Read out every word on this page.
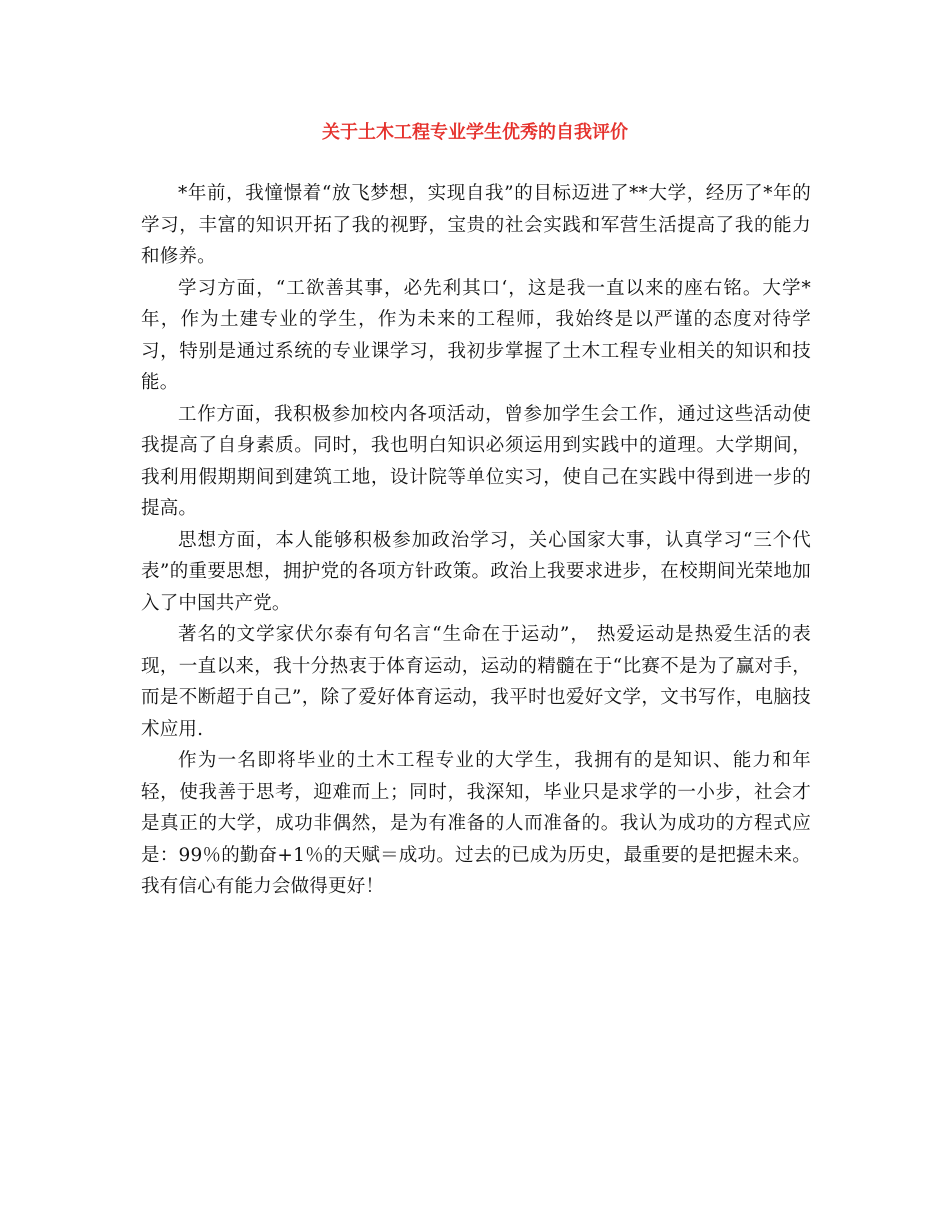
关于土木工程专业学生优秀的自我评价

*年前，我憧憬着“放飞梦想，实现自我”的目标迈进了**大学，经历了*年的学习，丰富的知识开拓了我的视野，宝贵的社会实践和军营生活提高了我的能力和修养。

学习方面，“工欲善其事，必先利其口‘，这是我一直以来的座右铭。大学*年，作为土建专业的学生，作为未来的工程师，我始终是以严谨的态度对待学习，特别是通过系统的专业课学习，我初步掌握了土木工程专业相关的知识和技能。

工作方面，我积极参加校内各项活动，曾参加学生会工作，通过这些活动使我提高了自身素质。同时，我也明白知识必须运用到实践中的道理。大学期间，我利用假期期间到建筑工地，设计院等单位实习，使自己在实践中得到进一步的提高。

思想方面，本人能够积极参加政治学习，关心国家大事，认真学习“三个代表”的重要思想，拥护党的各项方针政策。政治上我要求进步，在校期间光荣地加入了中国共产党。

著名的文学家伏尔泰有句名言“生命在于运动”， 热爱运动是热爱生活的表现，一直以来，我十分热衷于体育运动，运动的精髓在于“比赛不是为了赢对手，而是不断超于自己”，除了爱好体育运动，我平时也爱好文学，文书写作，电脑技术应用.

作为一名即将毕业的土木工程专业的大学生，我拥有的是知识、能力和年轻，使我善于思考，迎难而上；同时，我深知，毕业只是求学的一小步，社会才是真正的大学，成功非偶然，是为有准备的人而准备的。我认为成功的方程式应是：99％的勤奋+1％的天赋＝成功。过去的已成为历史，最重要的是把握未来。我有信心有能力会做得更好！
